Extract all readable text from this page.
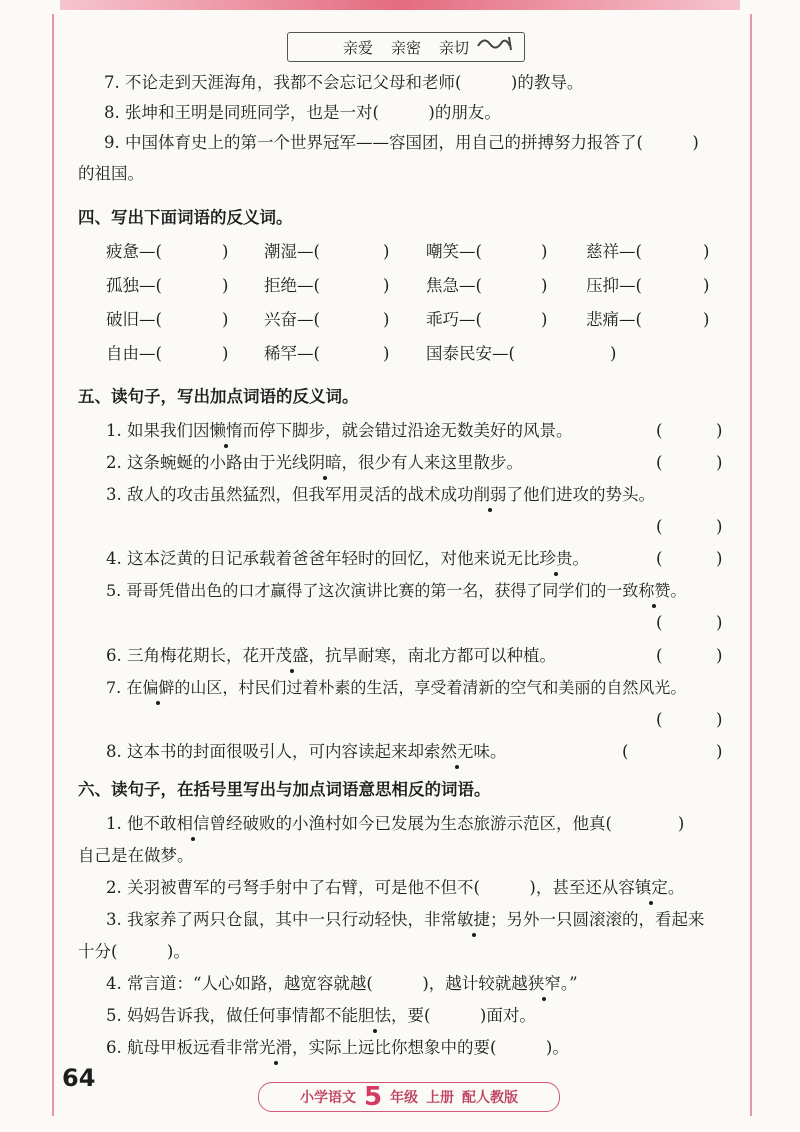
亲爱 亲密 亲切
7. 不论走到天涯海角，我都不会忘记父母和老师(　　　)的教导。
8. 张坤和王明是同班同学，也是一对(　　　)的朋友。
9. 中国体育史上的第一个世界冠军——容国团，用自己的拼搏努力报答了(　　　)
的祖国。
四、写出下面词语的反义词。
疲惫—(	) 潮湿—(	) 嘲笑—(	) 慈祥—(	)
孤独—(	) 拒绝—(	) 焦急—(	) 压抑—(	)
破旧—(	) 兴奋—(	) 乖巧—(	) 悲痛—(	)
自由—(	) 稀罕—(	) 国泰民安—(	)
五、读句子，写出加点词语的反义词。
1. 如果我们因懒惰而停下脚步，就会错过沿途无数美好的风景。	(	)
2. 这条蜿蜒的小路由于光线阴暗，很少有人来这里散步。	(	)
3. 敌人的攻击虽然猛烈，但我军用灵活的战术成功削弱了他们进攻的势头。
(	)
4. 这本泛黄的日记承载着爸爸年轻时的回忆，对他来说无比珍贵。	(	)
5. 哥哥凭借出色的口才赢得了这次演讲比赛的第一名，获得了同学们的一致称赞。
(	)
6. 三角梅花期长，花开茂盛，抗旱耐寒，南北方都可以种植。	(	)
7. 在偏僻的山区，村民们过着朴素的生活，享受着清新的空气和美丽的自然风光。
(	)
8. 这本书的封面很吸引人，可内容读起来却索然无味。	(	)
六、读句子，在括号里写出与加点词语意思相反的词语。
1. 他不敢相信曾经破败的小渔村如今已发展为生态旅游示范区，他真(　　　　)
自己是在做梦。
2. 关羽被曹军的弓弩手射中了右臂，可是他不但不(　　　)，甚至还从容镇定。
3. 我家养了两只仓鼠，其中一只行动轻快，非常敏捷；另外一只圆滚滚的，看起来
十分(　　　)。
4. 常言道：“人心如路，越宽容就越(　　　)，越计较就越狭窄。”
5. 妈妈告诉我，做任何事情都不能胆怯，要(　　　)面对。
6. 航母甲板远看非常光滑，实际上远比你想象中的要(　　　)。
64
小学语文 5 年级 上册 配人教版
